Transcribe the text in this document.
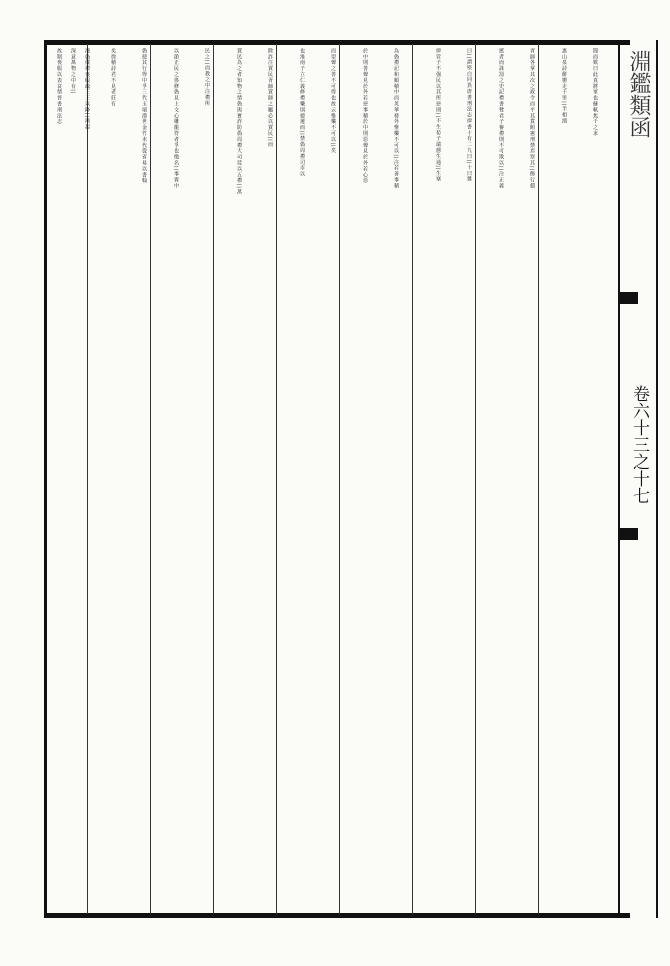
淵鑑類函
卷六十三之十七
聞而歎曰此真將軍也蘇軾焦千之求
惠山泉詩餅罌走千里||半相瀆
胥師各掌其次之政令而平其貨賄憲刑禁焉察其||飾行儥
慝者而誅罰之史記禮書贊君子審禮則不可欺以||注正義
曰||謂堅白同異唐書刑法志律書十有二九曰||十曰雜
律管子不强民以其所惡則||不生荀子端慤生通||生塞
為偽禮記和順積中而英華發外惟樂不可以||注若善事積
於中則善聲見於外若惡事積於中則惡聲見於外若心惡
而望聲之善不可得也故云惟樂不可以||矣
也淮南子立仁義修禮樂則德遷而||禁偽周禮司市以
除詐注賈民胥師賈師之屬必以賈民||而
賈民為之者知物之情偽與實詐防偽周禮大司徒以五禮||萬
民之||而教之中注禮所
以節正民之侈修偽見上文心雕龍符者孚也徵名||事資中
偽使其行得中孚三代玉瑞漢世金竹末代從省易以書翰
矣徐積詩君不見老莊有
澆偽儀禮喪服疏三王以降||漸起
深意萬物之中有||
故制喪服以表哀情晉書刑法志
